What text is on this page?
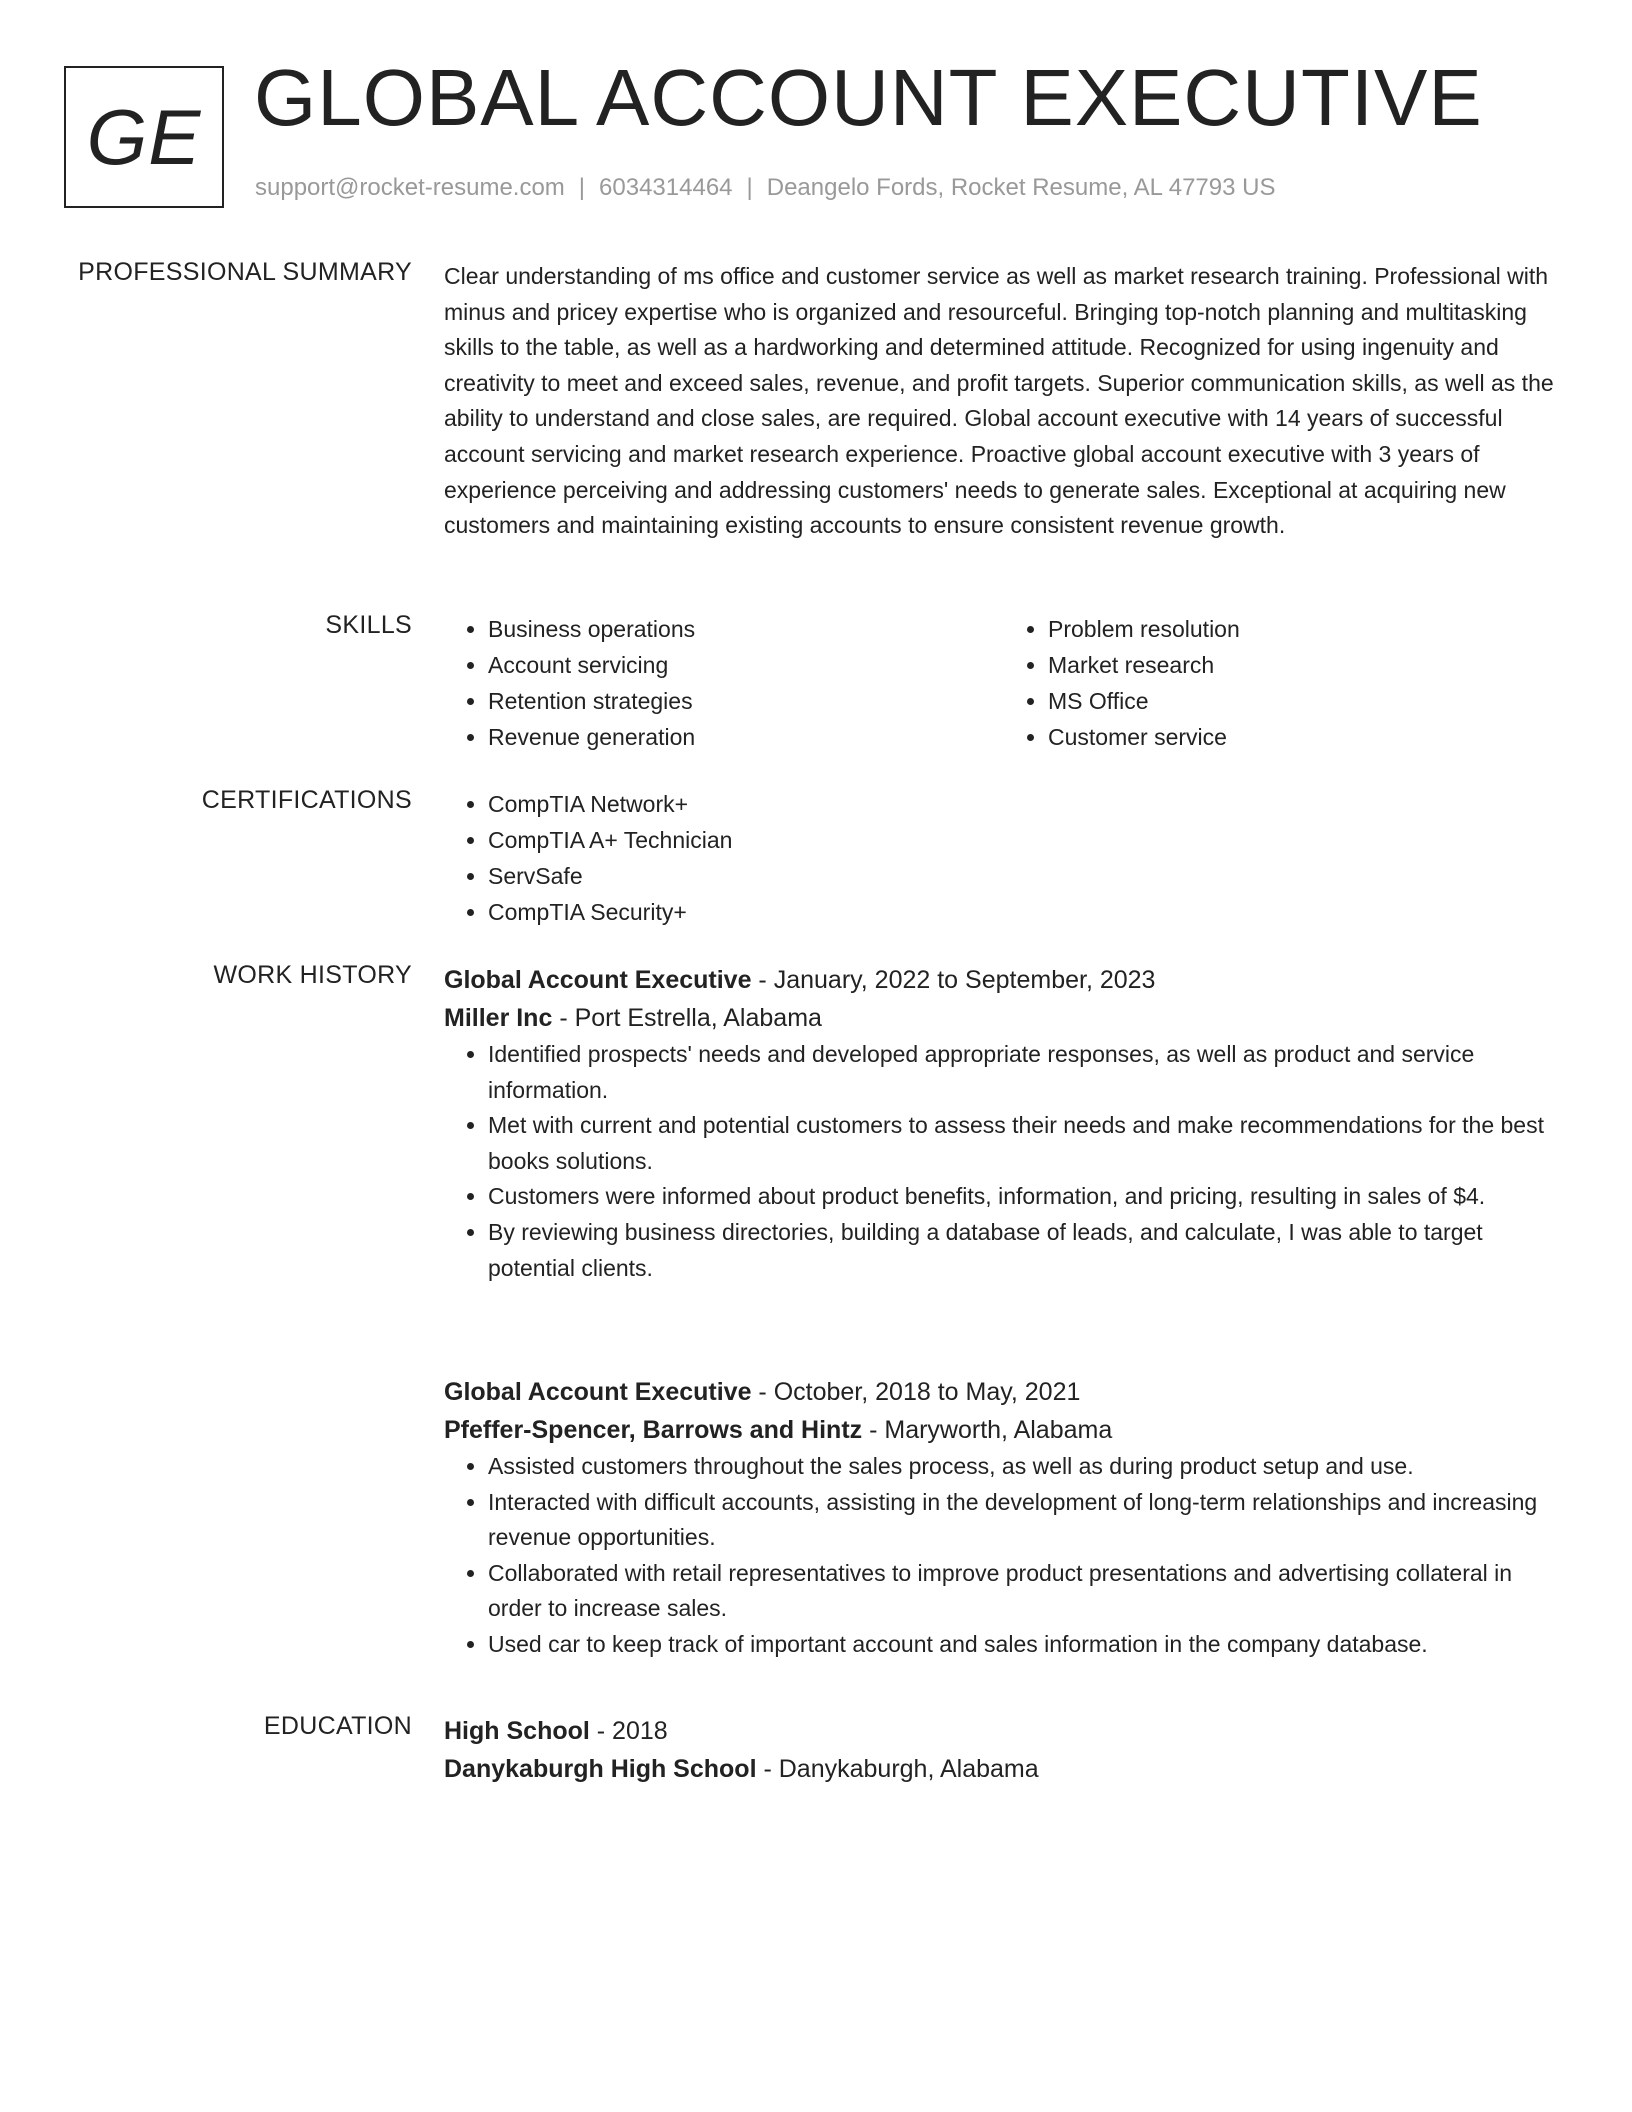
GE GLOBAL ACCOUNT EXECUTIVE
support@rocket-resume.com | 6034314464 | Deangelo Fords, Rocket Resume, AL 47793 US
PROFESSIONAL SUMMARY Clear understanding of ms office and customer service as well as market research training. Professional with minus and pricey expertise who is organized and resourceful. Bringing top-notch planning and multitasking skills to the table, as well as a hardworking and determined attitude. Recognized for using ingenuity and creativity to meet and exceed sales, revenue, and profit targets. Superior communication skills, as well as the ability to understand and close sales, are required. Global account executive with 14 years of successful account servicing and market research experience. Proactive global account executive with 3 years of experience perceiving and addressing customers' needs to generate sales. Exceptional at acquiring new customers and maintaining existing accounts to ensure consistent revenue growth.

SKILLS	• Business operations
• Account servicing
• Retention strategies
• Revenue generation
• Problem resolution
• Market research
• MS Office
• Customer service
CERTIFICATIONS	• CompTIA Network+
• CompTIA A+ Technician
• ServSafe
• CompTIA Security+
WORK HISTORY Global Account Executive - January, 2022 to September, 2023
Miller Inc - Port Estrella, Alabama
• Identified prospects' needs and developed appropriate responses, as well as product and service information.
• Met with current and potential customers to assess their needs and make recommendations for the best books solutions.
• Customers were informed about product benefits, information, and pricing, resulting in sales of $4.
• By reviewing business directories, building a database of leads, and calculate, I was able to target potential clients.
Global Account Executive - October, 2018 to May, 2021
Pfeffer-Spencer, Barrows and Hintz - Maryworth, Alabama
• Assisted customers throughout the sales process, as well as during product setup and use.
• Interacted with difficult accounts, assisting in the development of long-term relationships and increasing revenue opportunities.
• Collaborated with retail representatives to improve product presentations and advertising collateral in order to increase sales.
• Used car to keep track of important account and sales information in the company database.
EDUCATION High School - 2018
Danykaburgh High School - Danykaburgh, Alabama
